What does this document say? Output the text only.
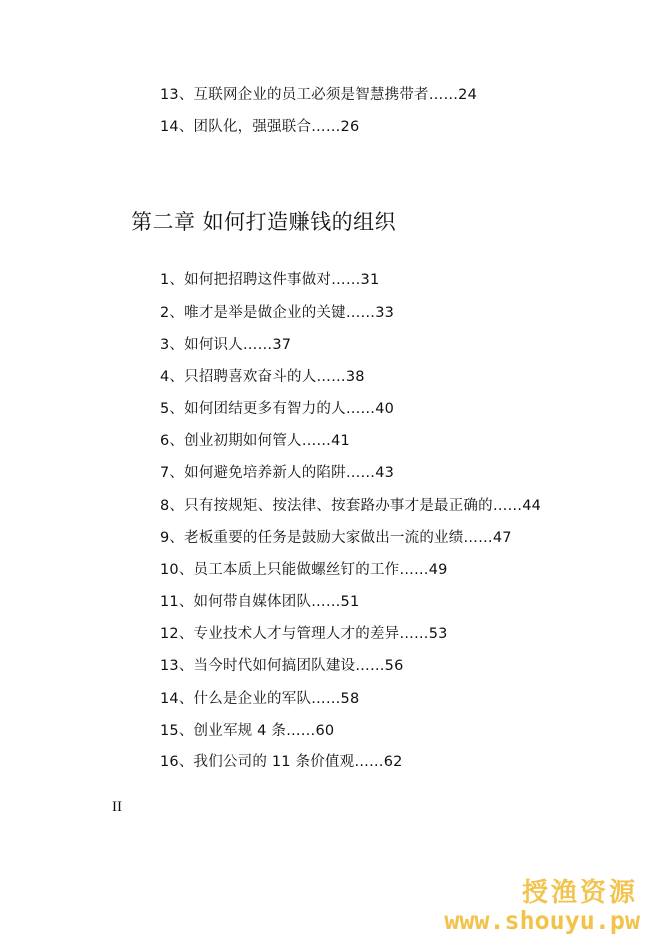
13、互联网企业的员工必须是智慧携带者……24
14、团队化，强强联合……26
第二章 如何打造赚钱的组织
1、如何把招聘这件事做对……31
2、唯才是举是做企业的关键……33
3、如何识人……37
4、只招聘喜欢奋斗的人……38
5、如何团结更多有智力的人……40
6、创业初期如何管人……41
7、如何避免培养新人的陷阱……43
8、只有按规矩、按法律、按套路办事才是最正确的……44
9、老板重要的任务是鼓励大家做出一流的业绩……47
10、员工本质上只能做螺丝钉的工作……49
11、如何带自媒体团队……51
12、专业技术人才与管理人才的差异……53
13、当今时代如何搞团队建设……56
14、什么是企业的军队……58
15、创业军规 4 条……60
16、我们公司的 11 条价值观……62
II
授渔资源
www.shouyu.pw
